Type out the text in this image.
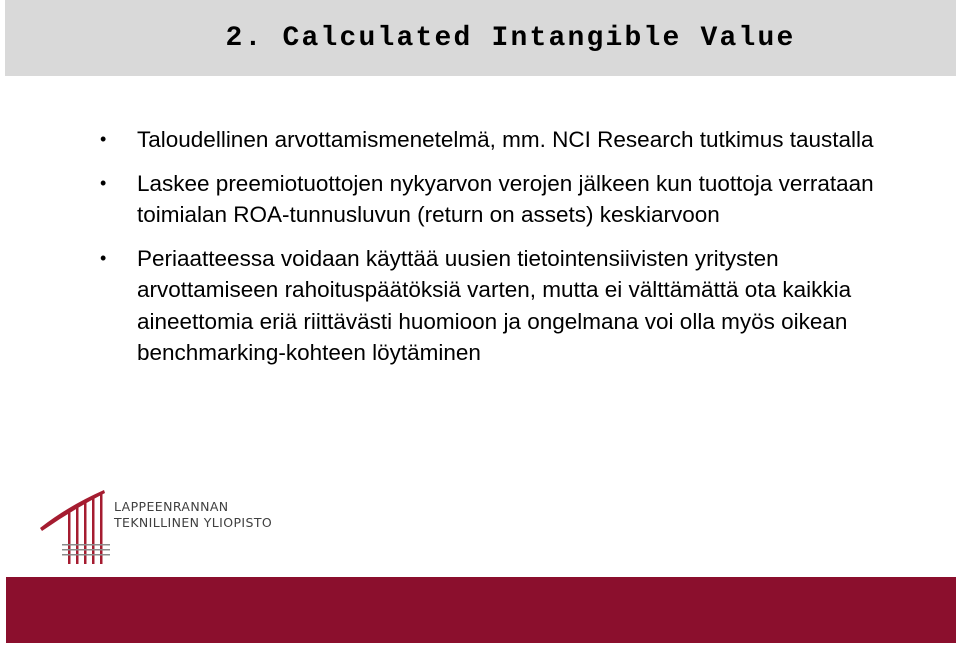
2. Calculated Intangible Value
• Taloudellinen arvottamismenetelmä, mm. NCI Research tutkimus taustalla
• Laskee preemiotuottojen nykyarvon verojen jälkeen kun tuottoja verrataan toimialan ROA-tunnusluvun (return on assets) keskiarvoon
• Periaatteessa voidaan käyttää uusien tietointensiivisten yritysten arvottamiseen rahoituspäätöksiä varten, mutta ei välttämättä ota kaikkia aineettomia eriä riittävästi huomioon ja ongelmana voi olla myös oikean benchmarking-kohteen löytäminen
LAPPEENRANNAN
TEKNILLINEN YLIOPISTO
